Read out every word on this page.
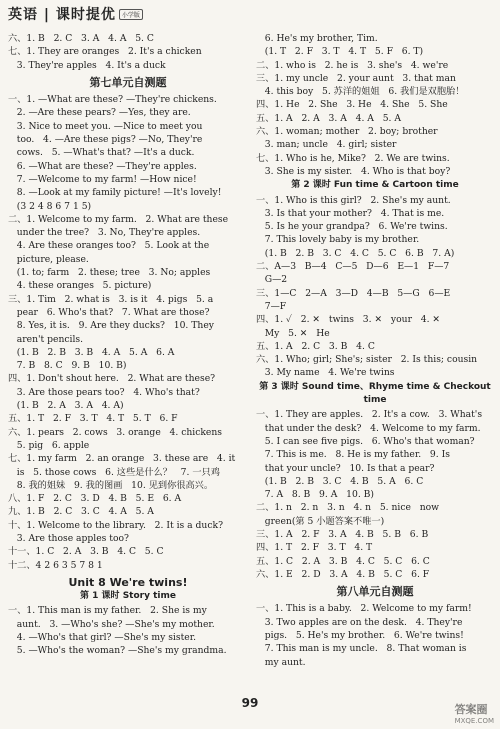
英语 | 课时提优	小学版

六、1. B   2. C   3. A   4. A   5. C

七、1. They are oranges   2. It's a chicken

3. They're apples   4. It's a duck

第七单元自测题

一、1. —What are these? —They're chickens.

2. —Are these pears? —Yes, they are.

3. Nice to meet you. —Nice to meet you

too.   4. —Are these pigs? —No, They're

cows.   5. —What's that? —It's a duck.

6. —What are these? —They're apples.

7. —Welcome to my farm! —How nice!

8. —Look at my family picture! —It's lovely!

(3 2 4 8 6 7 1 5)

二、1. Welcome to my farm.   2. What are these

under the tree?   3. No, They're apples.

4. Are these oranges too?   5. Look at the

picture, please.

(1. to; farm   2. these; tree   3. No; apples

4. these oranges   5. picture)

三、1. Tim   2. what is   3. is it   4. pigs   5. a

pear   6. Who's that?   7. What are those?

8. Yes, it is.   9. Are they ducks?   10. They

aren't pencils.

(1. B   2. B   3. B   4. A   5. A   6. A

7. B   8. C   9. B   10. B)

四、1. Don't shout here.   2. What are these?

3. Are those pears too?   4. Who's that?

(1. B   2. A   3. A   4. A)

五、1. T   2. F   3. T   4. T   5. T   6. F

六、1. pears   2. cows   3. orange   4. chickens

5. pig   6. apple

七、1. my farm   2. an orange   3. these are   4. it

is   5. those cows   6. 这些是什么？   7. 一只鸡

8. 我的姐妹   9. 我的图画   10. 见到你很高兴。

八、1. F   2. C   3. D   4. B   5. E   6. A

九、1. B   2. C   3. C   4. A   5. A

十、1. Welcome to the library.   2. It is a duck?

3. Are those apples too?

十一、1. C   2. A   3. B   4. C   5. C

十二、4 2 6 3 5 7 8 1

Unit 8 We're twins!
第 1 课时 Story time

一、1. This man is my father.   2. She is my

aunt.   3. —Who's she? —She's my mother.

4. —Who's that girl? —She's my sister.

5. —Who's the woman? —She's my grandma.

6. He's my brother, Tim.

(1. T   2. F   3. T   4. T   5. F   6. T)

二、1. who is   2. he is   3. she's   4. we're

三、1. my uncle   2. your aunt   3. that man

4. this boy   5. 苏洋的姐姐   6. 我们是双胞胎！

四、1. He   2. She   3. He   4. She   5. She

五、1. A   2. A   3. A   4. A   5. A

六、1. woman; mother   2. boy; brother

3. man; uncle   4. girl; sister

七、1. Who is he, Mike?   2. We are twins.

3. She is my sister.   4. Who is that boy?

第 2 课时 Fun time & Cartoon time

一、1. Who is this girl?   2. She's my aunt.

3. Is that your mother?   4. That is me.

5. Is he your grandpa?   6. We're twins.

7. This lovely baby is my brother.

(1. B   2. B   3. C   4. C   5. C   6. B   7. A)

二、A—3   B—4   C—5   D—6   E—1   F—7

G—2

三、1—C   2—A   3—D   4—B   5—G   6—E

7—F

四、1. ✓   2. ✕   twins   3. ✕   your   4. ✕

My   5. ✕   He

五、1. A   2. C   3. B   4. C

六、1. Who; girl; She's; sister   2. Is this; cousin

3. My name   4. We're twins

第 3 课时 Sound time、Rhyme time & Checkout time

一、1. They are apples.   2. It's a cow.   3. What's

that under the desk?   4. Welcome to my farm.

5. I can see five pigs.   6. Who's that woman?

7. This is me.   8. He is my father.   9. Is

that your uncle?   10. Is that a pear?

(1. B   2. B   3. C   4. B   5. A   6. C

7. A   8. B   9. A   10. B)

二、1. n   2. n   3. n   4. n   5. nice   now

green(第 5 小题答案不唯一)

三、1. A   2. F   3. A   4. B   5. B   6. B

四、1. T   2. F   3. T   4. T

五、1. C   2. A   3. B   4. C   5. C   6. C

六、1. E   2. D   3. A   4. B   5. C   6. F

第八单元自测题

一、1. This is a baby.   2. Welcome to my farm!

3. Two apples are on the desk.   4. They're

pigs.   5. He's my brother.   6. We're twins!

7. This man is my uncle.   8. That woman is

my aunt.

99	答案圈
MXQE.COM
